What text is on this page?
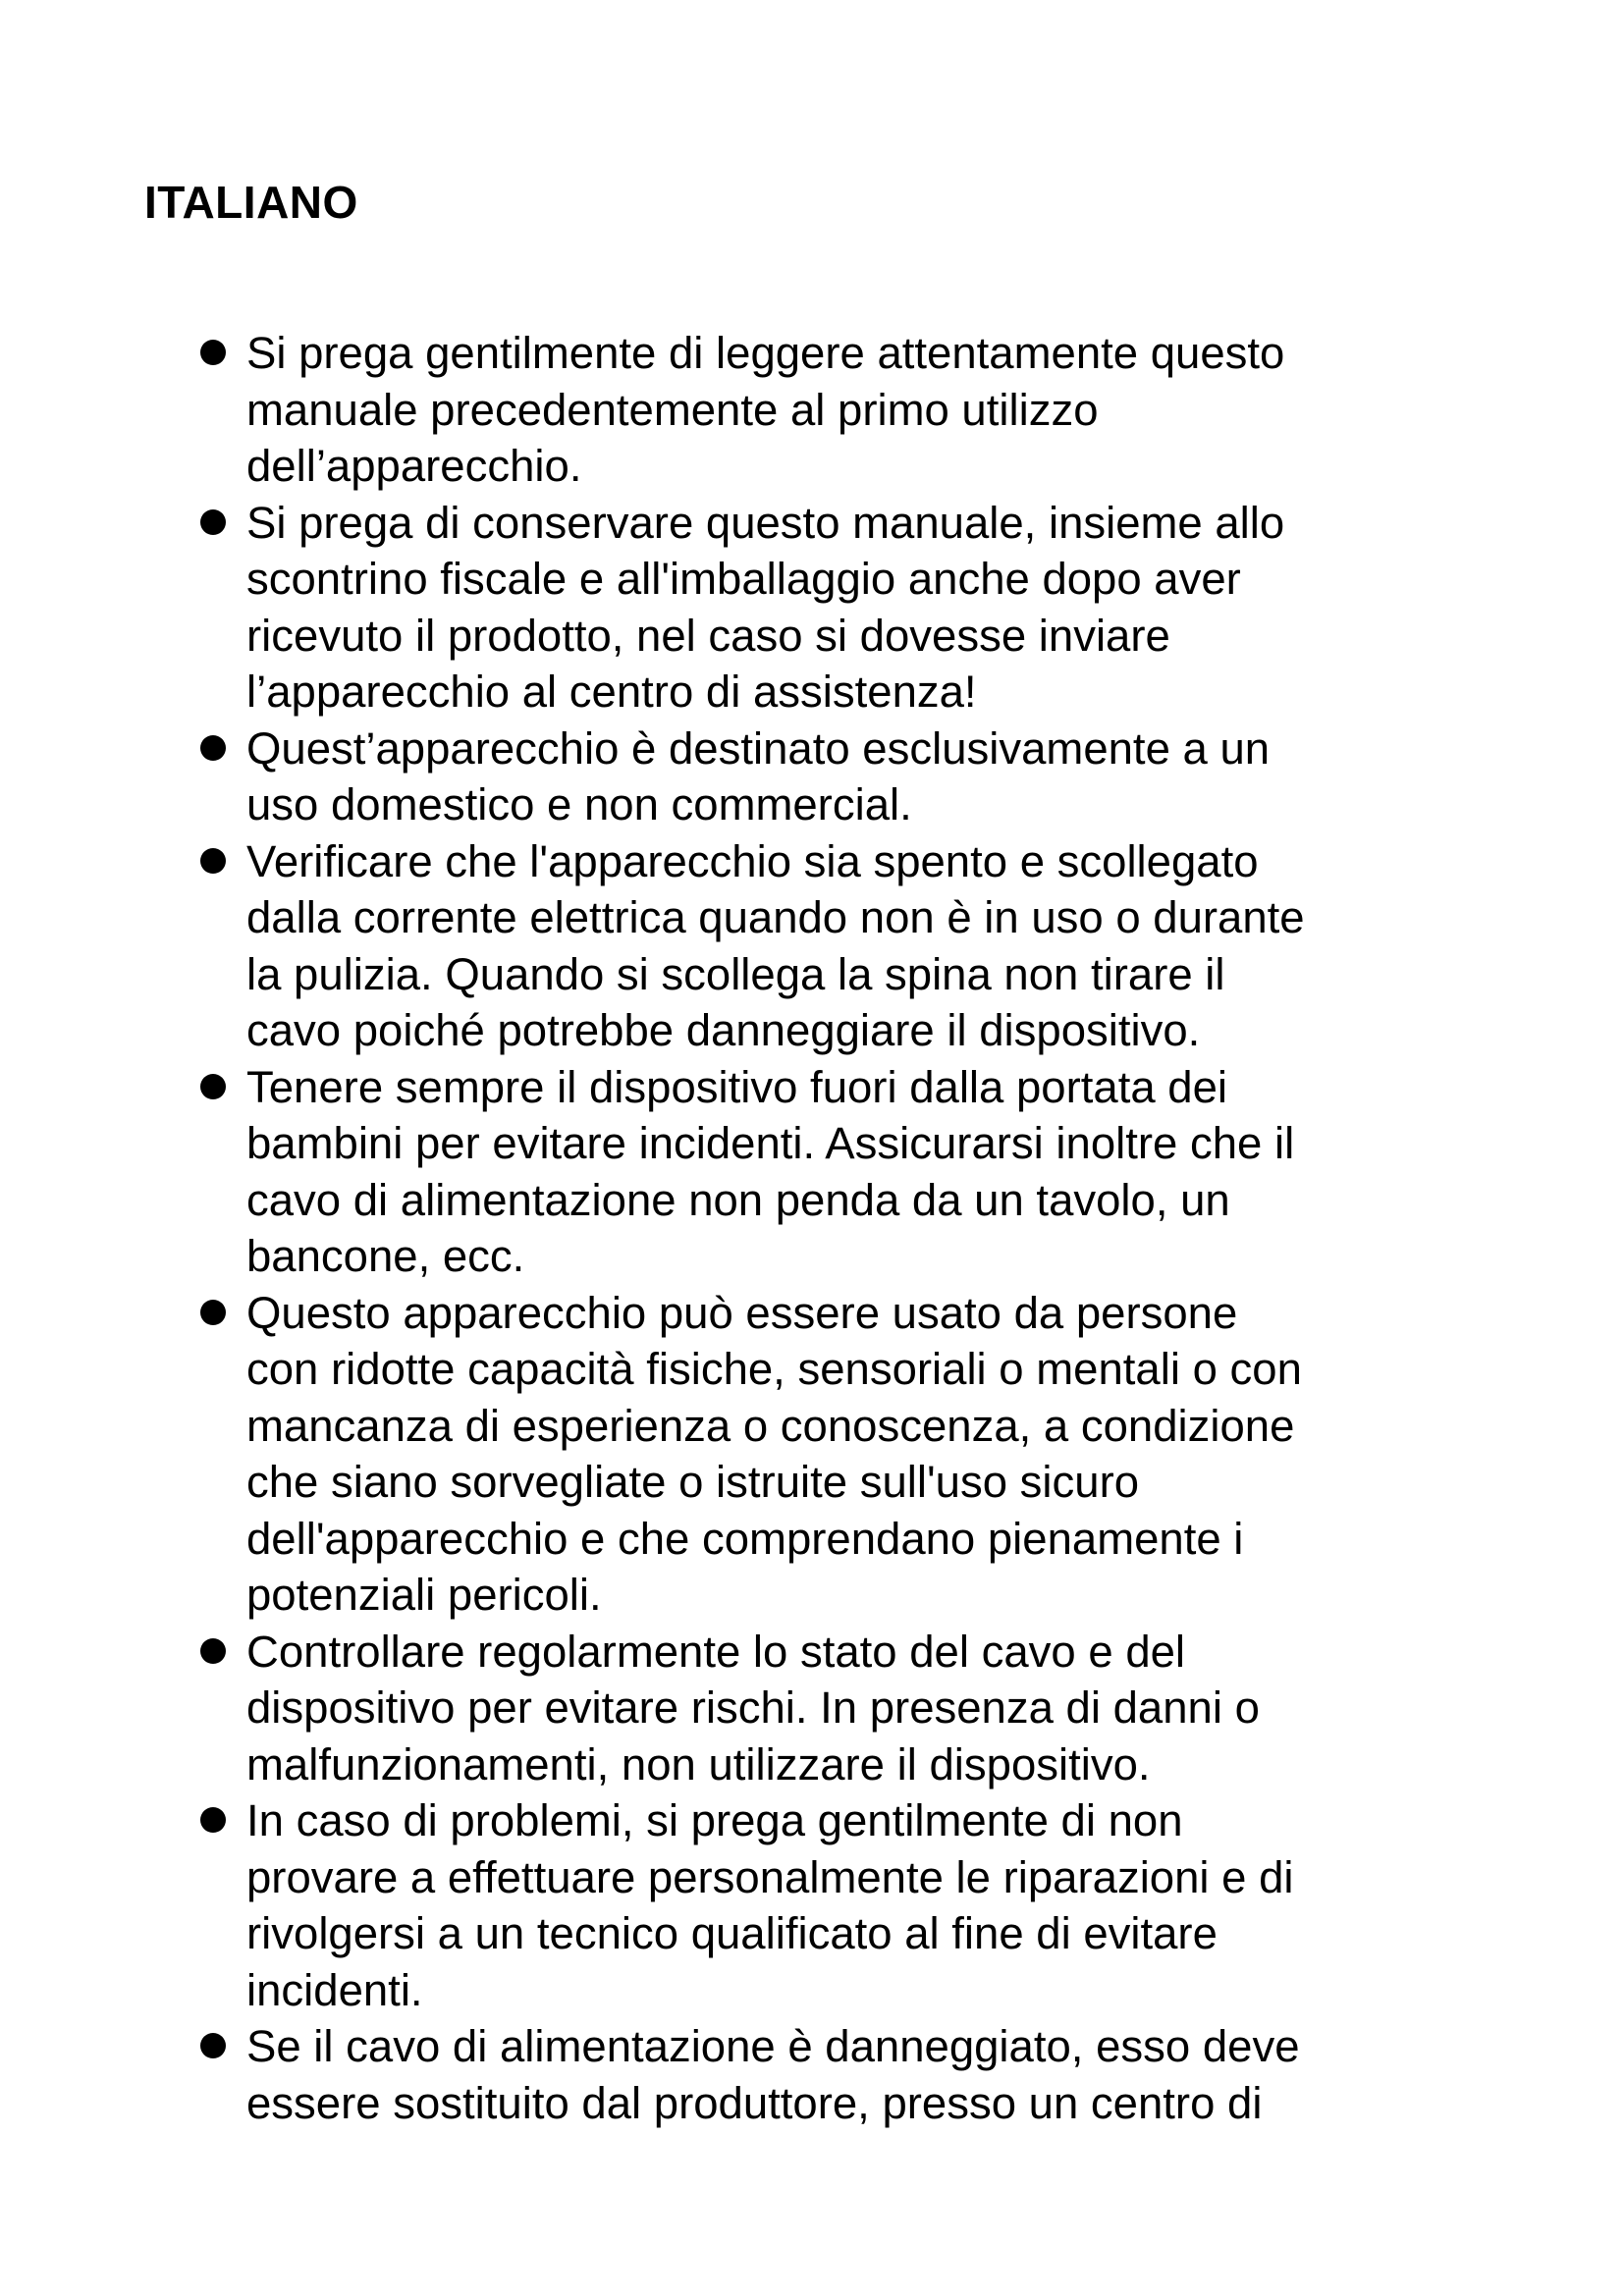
ITALIANO
Si prega gentilmente di leggere attentamente questo
manuale precedentemente al primo utilizzo
dell’apparecchio.
Si prega di conservare questo manuale, insieme allo
scontrino fiscale e all'imballaggio anche dopo aver
ricevuto il prodotto, nel caso si dovesse inviare
l’apparecchio al centro di assistenza!
Quest’apparecchio è destinato esclusivamente a un
uso domestico e non commercial.
Verificare che l'apparecchio sia spento e scollegato
dalla corrente elettrica quando non è in uso o durante
la pulizia. Quando si scollega la spina non tirare il
cavo poiché potrebbe danneggiare il dispositivo.
Tenere sempre il dispositivo fuori dalla portata dei
bambini per evitare incidenti. Assicurarsi inoltre che il
cavo di alimentazione non penda da un tavolo, un
bancone, ecc.
Questo apparecchio può essere usato da persone
con ridotte capacità fisiche, sensoriali o mentali o con
mancanza di esperienza o conoscenza, a condizione
che siano sorvegliate o istruite sull'uso sicuro
dell'apparecchio e che comprendano pienamente i
potenziali pericoli.
Controllare regolarmente lo stato del cavo e del
dispositivo per evitare rischi. In presenza di danni o
malfunzionamenti, non utilizzare il dispositivo.
In caso di problemi, si prega gentilmente di non
provare a effettuare personalmente le riparazioni e di
rivolgersi a un tecnico qualificato al fine di evitare
incidenti.
Se il cavo di alimentazione è danneggiato, esso deve
essere sostituito dal produttore, presso un centro di
